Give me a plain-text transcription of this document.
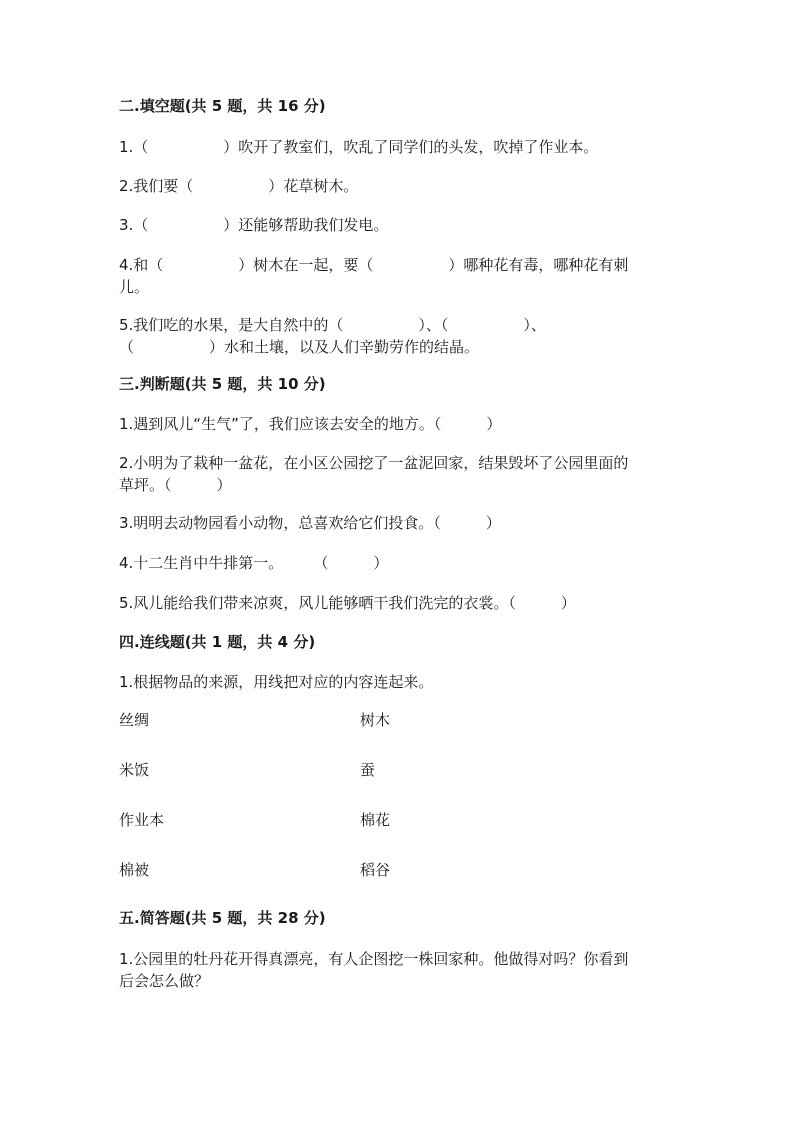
二.填空题(共 5 题，共 16 分)
1.（　　　　　）吹开了教室们，吹乱了同学们的头发，吹掉了作业本。
2.我们要（　　　　　）花草树木。
3.（　　　　　）还能够帮助我们发电。
4.和（　　　　　）树木在一起，要（　　　　　）哪种花有毒，哪种花有刺
儿。
5.我们吃的水果，是大自然中的（　　　　　）、（　　　　　）、
（　　　　　）水和土壤，以及人们辛勤劳作的结晶。
三.判断题(共 5 题，共 10 分)
1.遇到风儿“生气”了，我们应该去安全的地方。（　　　）
2.小明为了栽种一盆花，在小区公园挖了一盆泥回家，结果毁坏了公园里面的
草坪。（　　　）
3.明明去动物园看小动物，总喜欢给它们投食。（　　　）
4.十二生肖中牛排第一。　　　（　　　）
5.风儿能给我们带来凉爽，风儿能够晒干我们洗完的衣裳。（　　　）
四.连线题(共 1 题，共 4 分)
1.根据物品的来源，用线把对应的内容连起来。
丝绸	树木
米饭	蚕
作业本	棉花
棉被	稻谷
五.简答题(共 5 题，共 28 分)
1.公园里的牡丹花开得真漂亮，有人企图挖一株回家种。他做得对吗？你看到
后会怎么做？
